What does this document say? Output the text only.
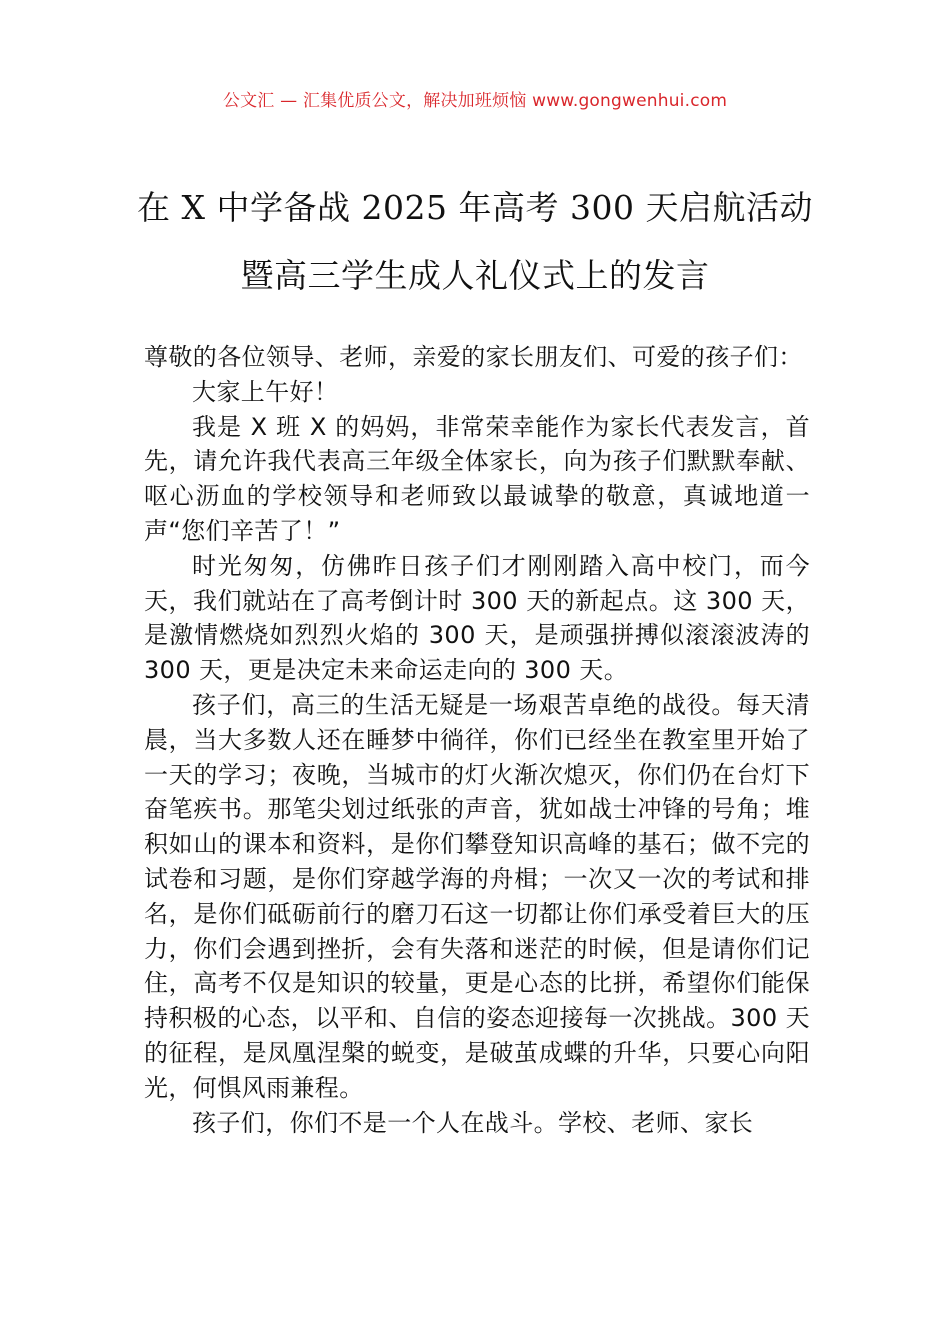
公文汇 — 汇集优质公文，解决加班烦恼 www.gongwenhui.com
在 X 中学备战 2025 年高考 300 天启航活动
暨高三学生成人礼仪式上的发言

尊敬的各位领导、老师，亲爱的家长朋友们、可爱的孩子们：

大家上午好！

我是 X 班 X 的妈妈，非常荣幸能作为家长代表发言，首先，请允许我代表高三年级全体家长，向为孩子们默默奉献、呕心沥血的学校领导和老师致以最诚挚的敬意，真诚地道一声“您们辛苦了！”

时光匆匆，仿佛昨日孩子们才刚刚踏入高中校门，而今天，我们就站在了高考倒计时 300 天的新起点。这 300 天，是激情燃烧如烈烈火焰的 300 天，是顽强拼搏似滚滚波涛的 300 天，更是决定未来命运走向的 300 天。

孩子们，高三的生活无疑是一场艰苦卓绝的战役。每天清晨，当大多数人还在睡梦中徜徉，你们已经坐在教室里开始了一天的学习；夜晚，当城市的灯火渐次熄灭，你们仍在台灯下奋笔疾书。那笔尖划过纸张的声音，犹如战士冲锋的号角；堆积如山的课本和资料，是你们攀登知识高峰的基石；做不完的试卷和习题，是你们穿越学海的舟楫；一次又一次的考试和排名，是你们砥砺前行的磨刀石这一切都让你们承受着巨大的压力，你们会遇到挫折，会有失落和迷茫的时候，但是请你们记住，高考不仅是知识的较量，更是心态的比拼，希望你们能保持积极的心态，以平和、自信的姿态迎接每一次挑战。300 天的征程，是凤凰涅槃的蜕变，是破茧成蝶的升华，只要心向阳光，何惧风雨兼程。

孩子们，你们不是一个人在战斗。学校、老师、家长
